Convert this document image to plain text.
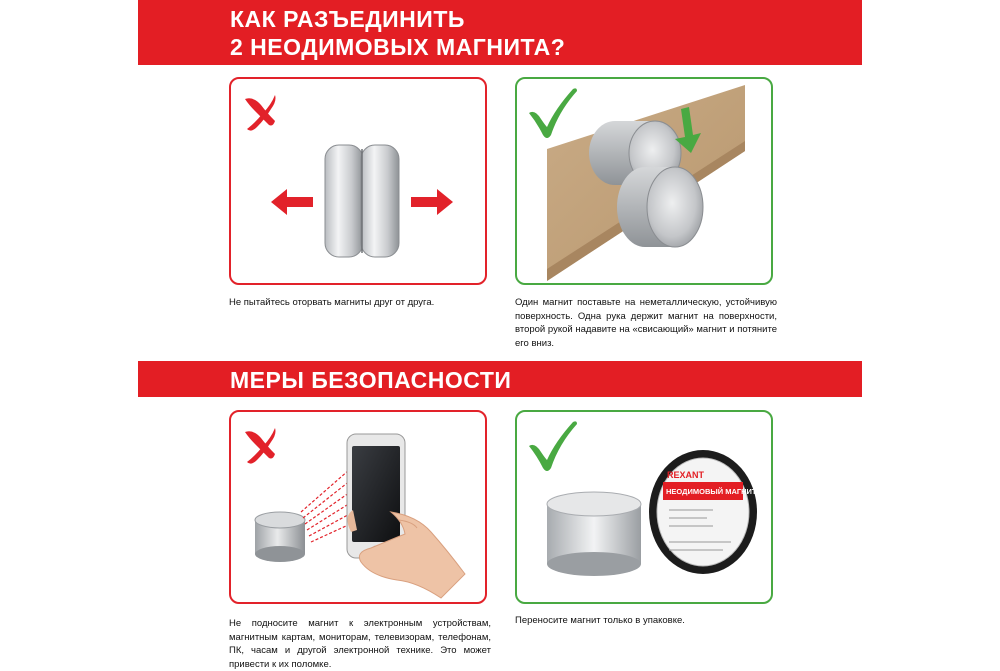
КАК РАЗЪЕДИНИТЬ
2 НЕОДИМОВЫХ МАГНИТА?
Не пытайтесь оторвать магниты друг от друга.	Один магнит поставьте на неметаллическую, устойчивую поверхность. Одна рука держит магнит на поверхности, второй рукой надавите на «свисающий» магнит и потяните его вниз.
МЕРЫ БЕЗОПАСНОСТИ
Не подносите магнит к электронным устройствам, магнитным картам, мониторам, телевизорам, телефонам, ПК, часам и другой электронной технике. Это может привести к их поломке.
REXANT
НЕОДИМОВЫЙ МАГНИТ
Переносите магнит только в упаковке.
